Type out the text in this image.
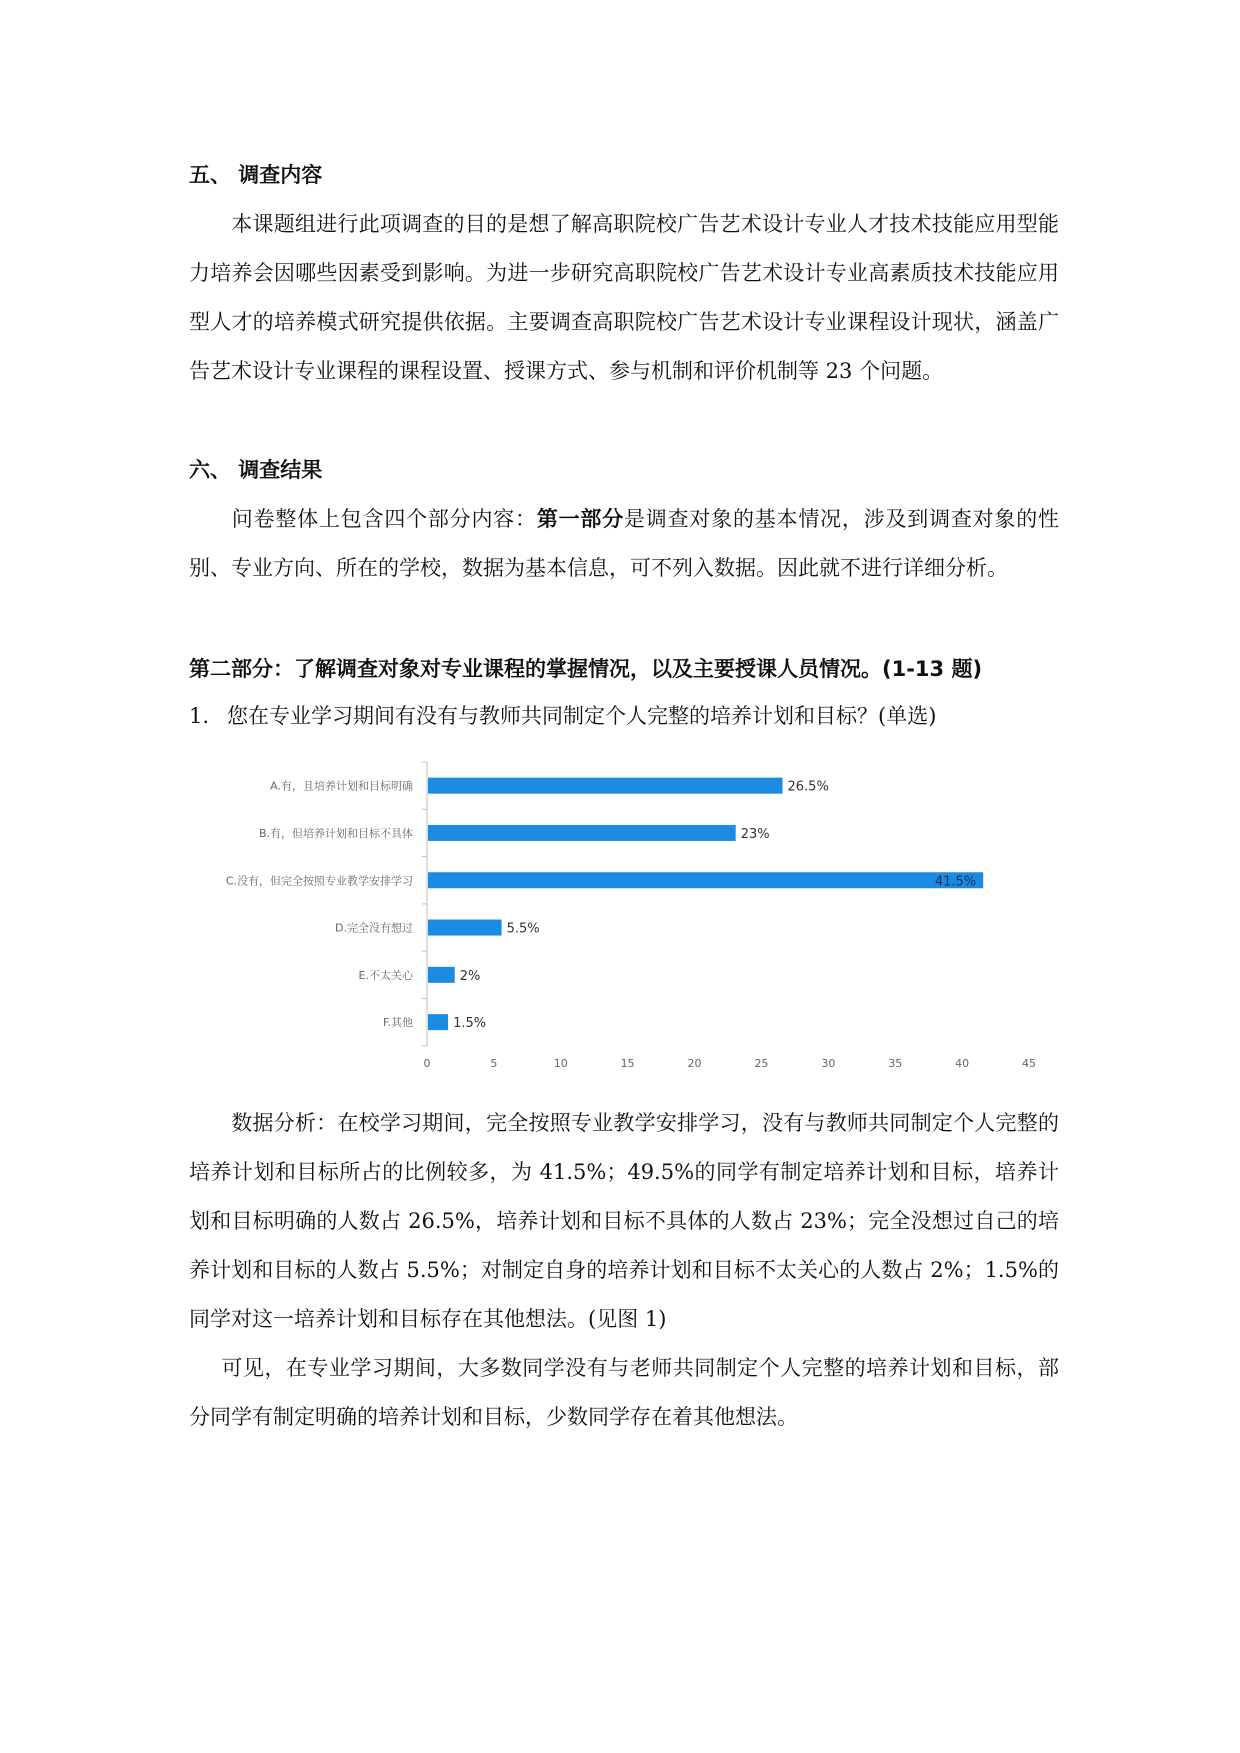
五、 调查内容
本课题组进行此项调查的目的是想了解高职院校广告艺术设计专业人才技术技能应用型能力培养会因哪些因素受到影响。为进一步研究高职院校广告艺术设计专业高素质技术技能应用型人才的培养模式研究提供依据。主要调查高职院校广告艺术设计专业课程设计现状，涵盖广告艺术设计专业课程的课程设置、授课方式、参与机制和评价机制等 23 个问题。
六、 调查结果
问卷整体上包含四个部分内容：第一部分是调查对象的基本情况，涉及到调查对象的性别、专业方向、所在的学校，数据为基本信息，可不列入数据。因此就不进行详细分析。
第二部分：了解调查对象对专业课程的掌握情况，以及主要授课人员情况。(1-13 题)
1. 您在专业学习期间有没有与教师共同制定个人完整的培养计划和目标？(单选)
A.有，且培养计划和目标明确	26.5%
B.有，但培养计划和目标不具体	23%
C.没有，但完全按照专业教学安排学习	41.5%
D.完全没有想过	5.5%
E.不太关心	2%
F.其他	1.5%
0	5	10	15	20	25	30	35	40	45
数据分析：在校学习期间，完全按照专业教学安排学习，没有与教师共同制定个人完整的培养计划和目标所占的比例较多，为 41.5%；49.5%的同学有制定培养计划和目标，培养计划和目标明确的人数占 26.5%，培养计划和目标不具体的人数占 23%；完全没想过自己的培养计划和目标的人数占 5.5%；对制定自身的培养计划和目标不太关心的人数占 2%；1.5%的同学对这一培养计划和目标存在其他想法。(见图 1)
可见，在专业学习期间，大多数同学没有与老师共同制定个人完整的培养计划和目标，部分同学有制定明确的培养计划和目标，少数同学存在着其他想法。
